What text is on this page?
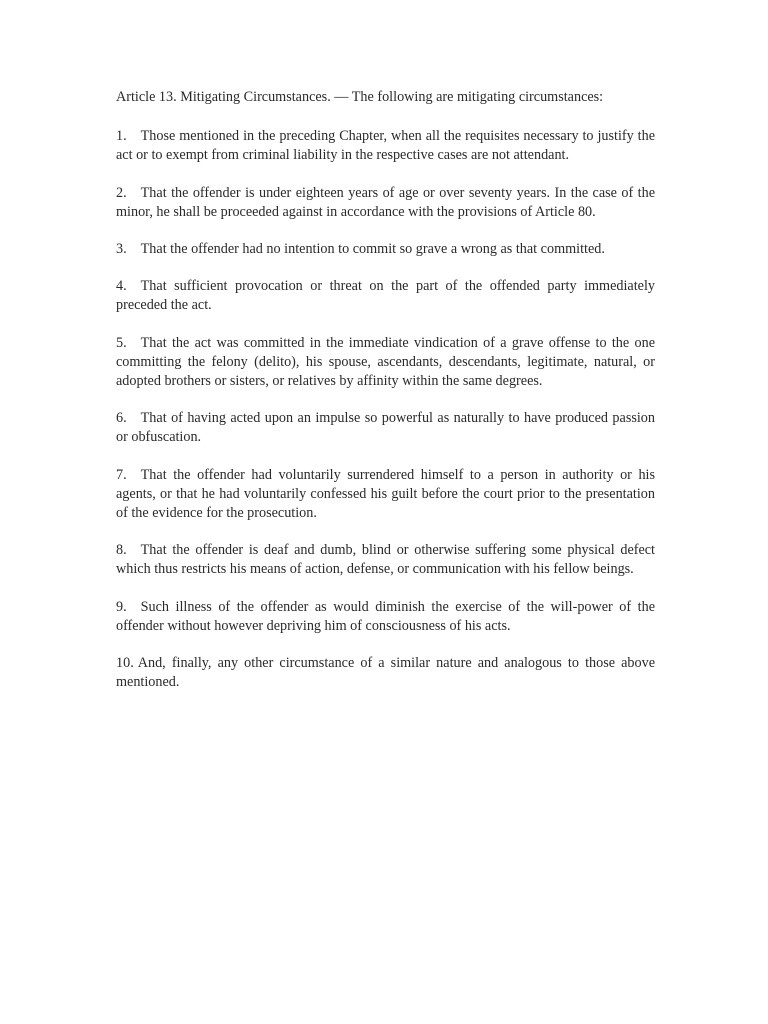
Article 13. Mitigating Circumstances. — The following are mitigating circumstances:

1. Those mentioned in the preceding Chapter, when all the requisites necessary to justify the act or to exempt from criminal liability in the respective cases are not attendant.

2. That the offender is under eighteen years of age or over seventy years. In the case of the minor, he shall be proceeded against in accordance with the provisions of Article 80.

3. That the offender had no intention to commit so grave a wrong as that committed.

4. That sufficient provocation or threat on the part of the offended party immediately preceded the act.

5. That the act was committed in the immediate vindication of a grave offense to the one committing the felony (delito), his spouse, ascendants, descendants, legitimate, natural, or adopted brothers or sisters, or relatives by affinity within the same degrees.

6. That of having acted upon an impulse so powerful as naturally to have produced passion or obfuscation.

7. That the offender had voluntarily surrendered himself to a person in authority or his agents, or that he had voluntarily confessed his guilt before the court prior to the presentation of the evidence for the prosecution.

8. That the offender is deaf and dumb, blind or otherwise suffering some physical defect which thus restricts his means of action, defense, or communication with his fellow beings.

9. Such illness of the offender as would diminish the exercise of the will-power of the offender without however depriving him of consciousness of his acts.

10. And, finally, any other circumstance of a similar nature and analogous to those above mentioned.
